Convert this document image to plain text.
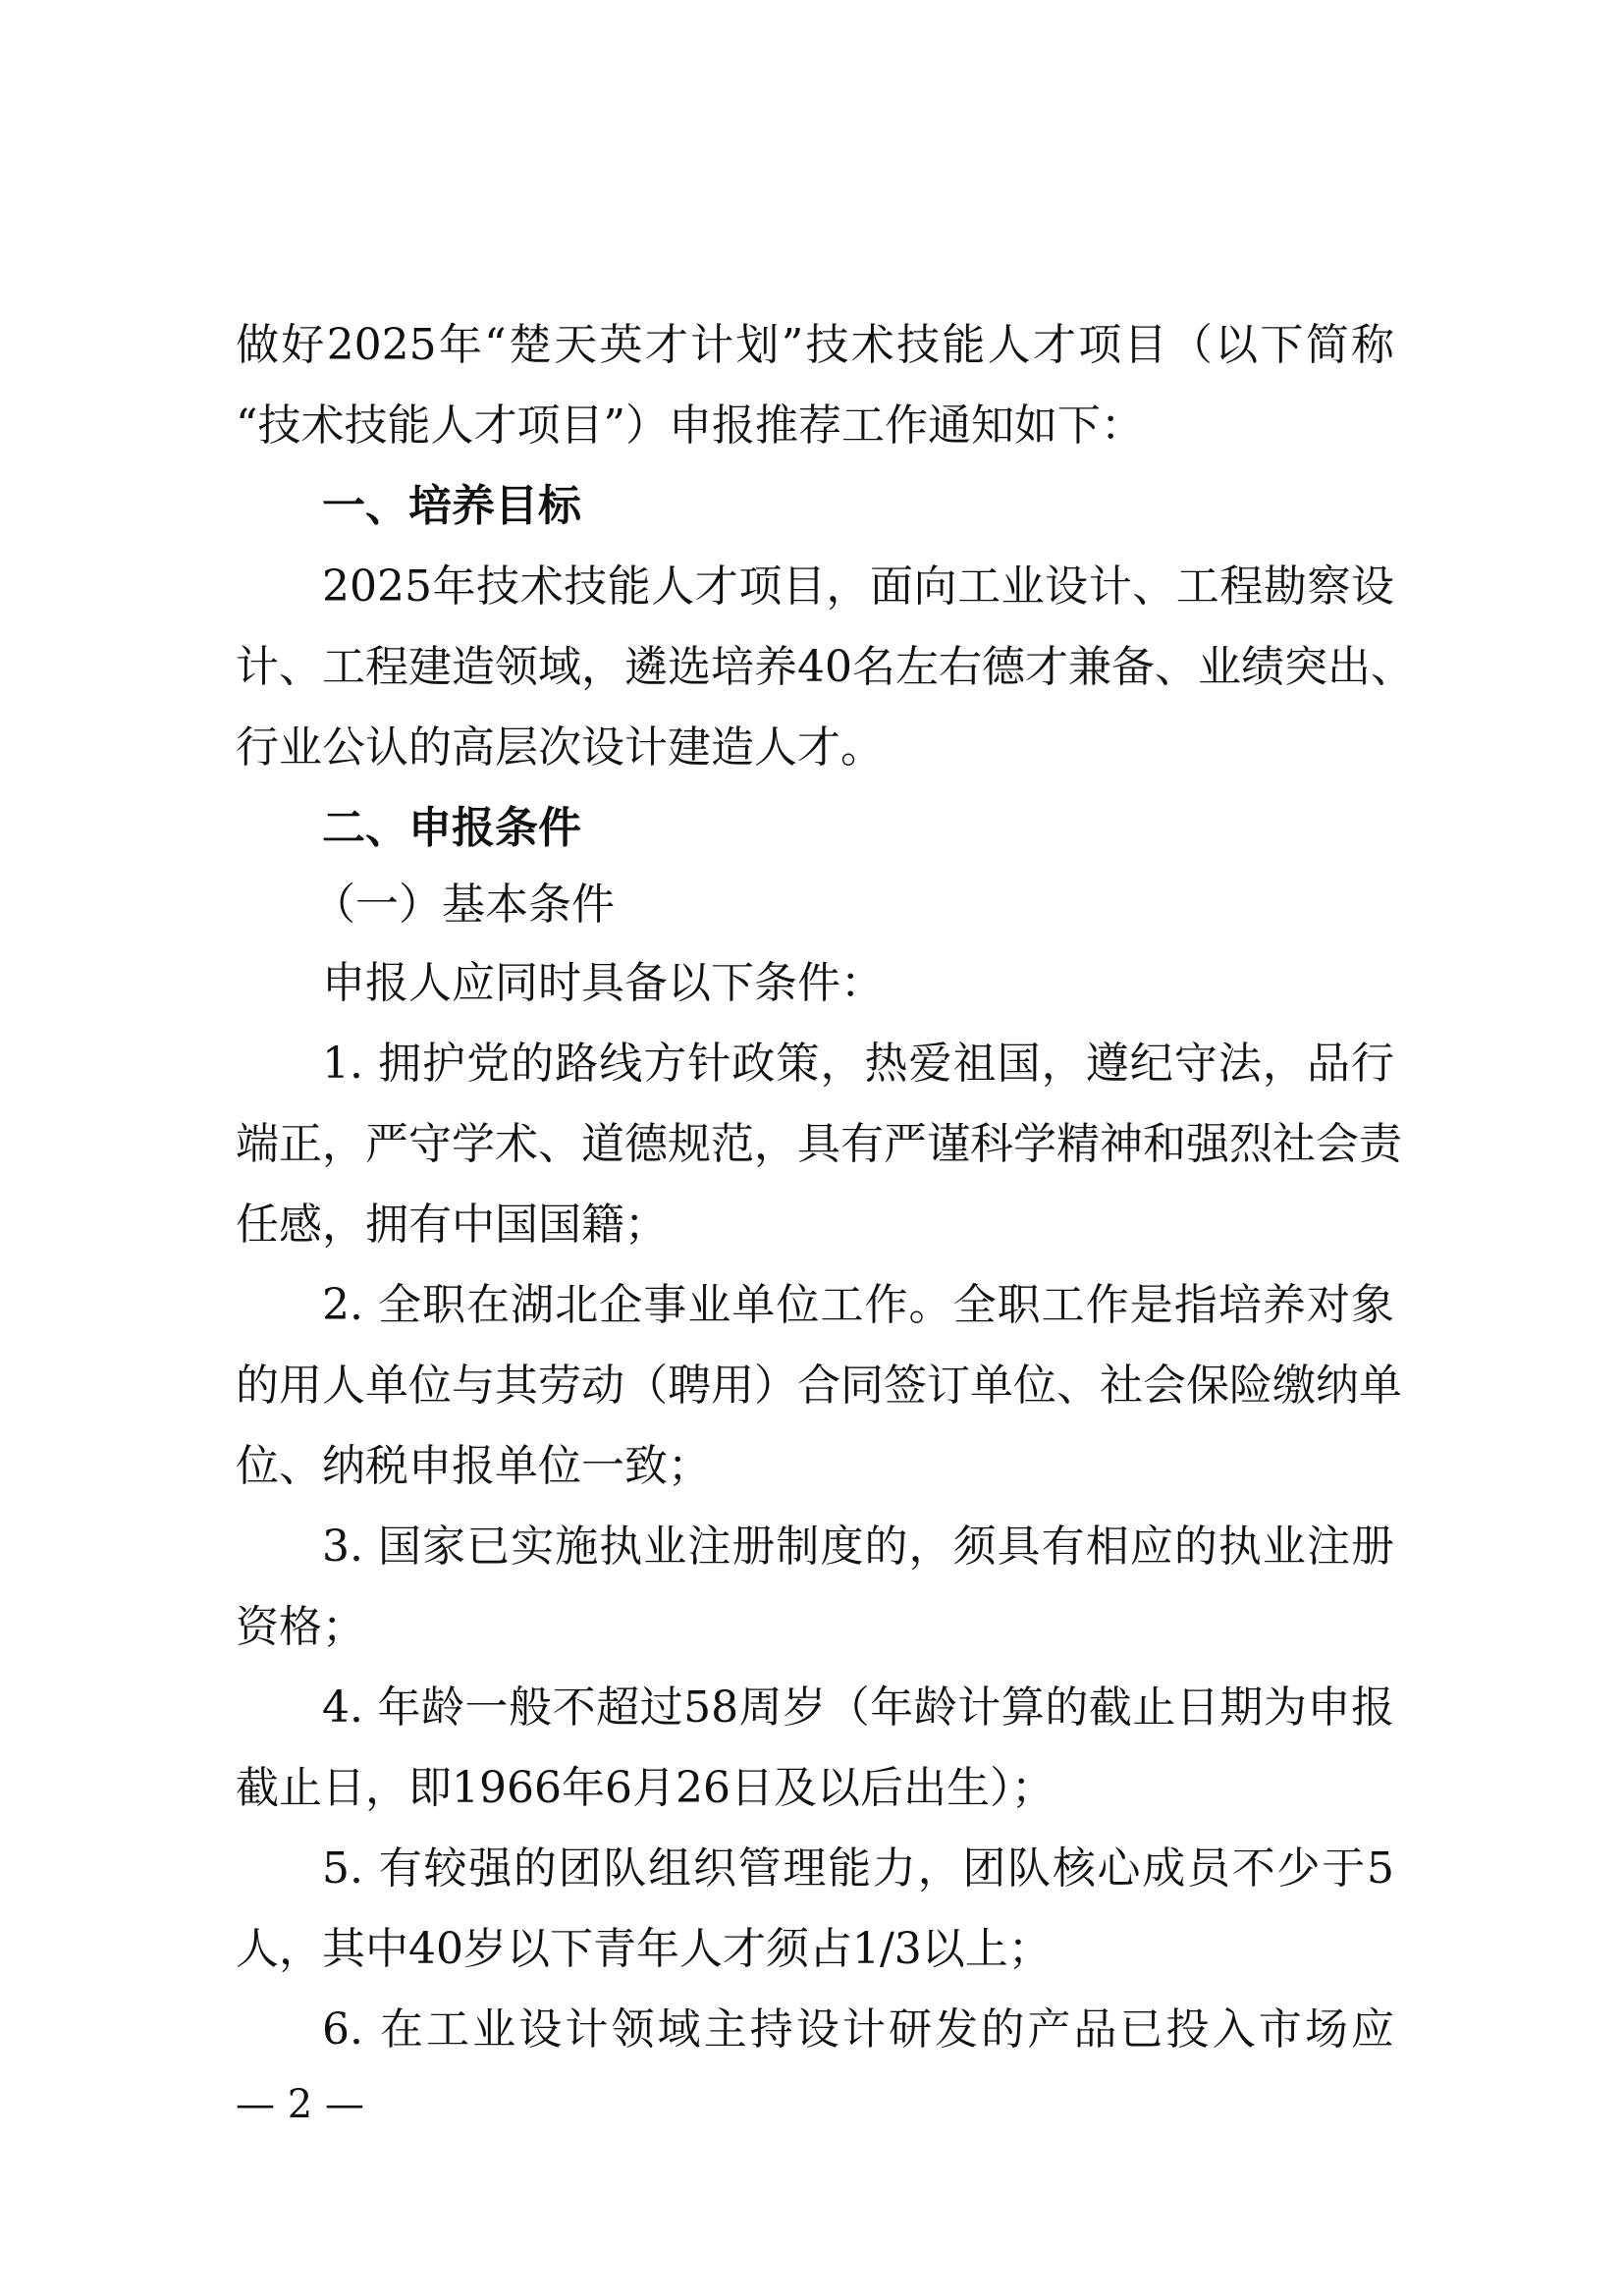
做好2025年“楚天英才计划”技术技能人才项目（以下简称
“技术技能人才项目”）申报推荐工作通知如下：
一、培养目标
2025年技术技能人才项目，面向工业设计、工程勘察设
计、工程建造领域，遴选培养40名左右德才兼备、业绩突出、
行业公认的高层次设计建造人才。
二、申报条件
（一）基本条件
申报人应同时具备以下条件：
1. 拥护党的路线方针政策，热爱祖国，遵纪守法，品行
端正，严守学术、道德规范，具有严谨科学精神和强烈社会责
任感，拥有中国国籍；
2. 全职在湖北企事业单位工作。全职工作是指培养对象
的用人单位与其劳动（聘用）合同签订单位、社会保险缴纳单
位、纳税申报单位一致；
3. 国家已实施执业注册制度的，须具有相应的执业注册
资格；
4. 年龄一般不超过58周岁（年龄计算的截止日期为申报
截止日，即1966年6月26日及以后出生）；
5. 有较强的团队组织管理能力，团队核心成员不少于5
人，其中40岁以下青年人才须占1/3以上；
6. 在工业设计领域主持设计研发的产品已投入市场应
— 2 —
